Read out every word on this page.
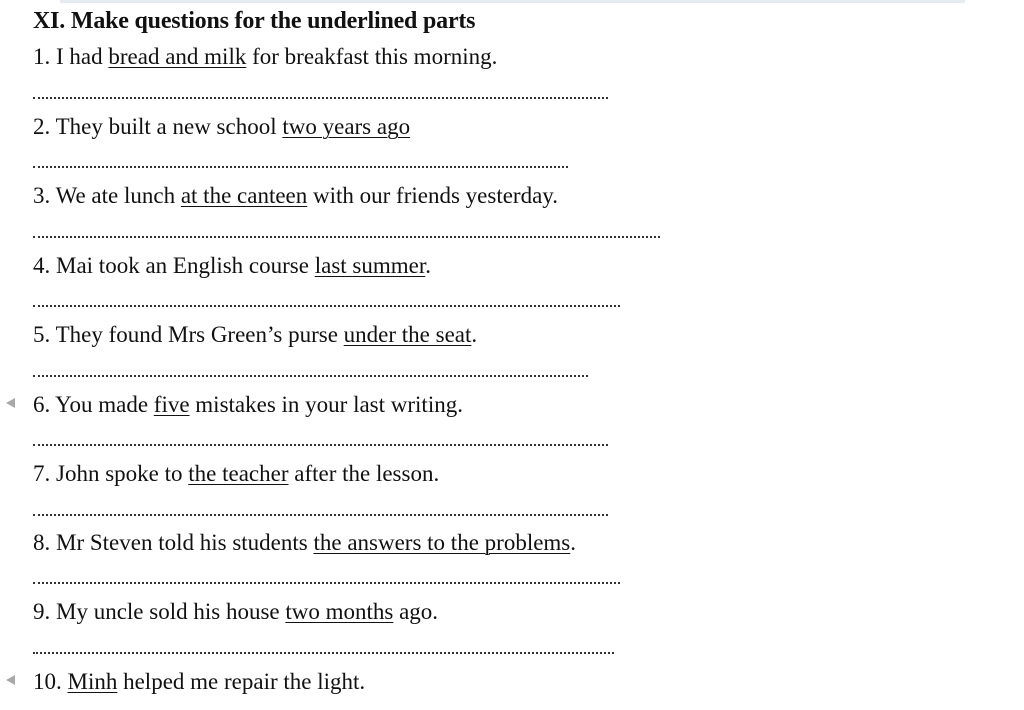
XI. Make questions for the underlined parts
1. I had bread and milk for breakfast this morning.
2. They built a new school two years ago
3. We ate lunch at the canteen with our friends yesterday.
4. Mai took an English course last summer.
5. They found Mrs Green’s purse under the seat.
6. You made five mistakes in your last writing.
7. John spoke to the teacher after the lesson.
8. Mr Steven told his students the answers to the problems.
9. My uncle sold his house two months ago.
10. Minh helped me repair the light.
